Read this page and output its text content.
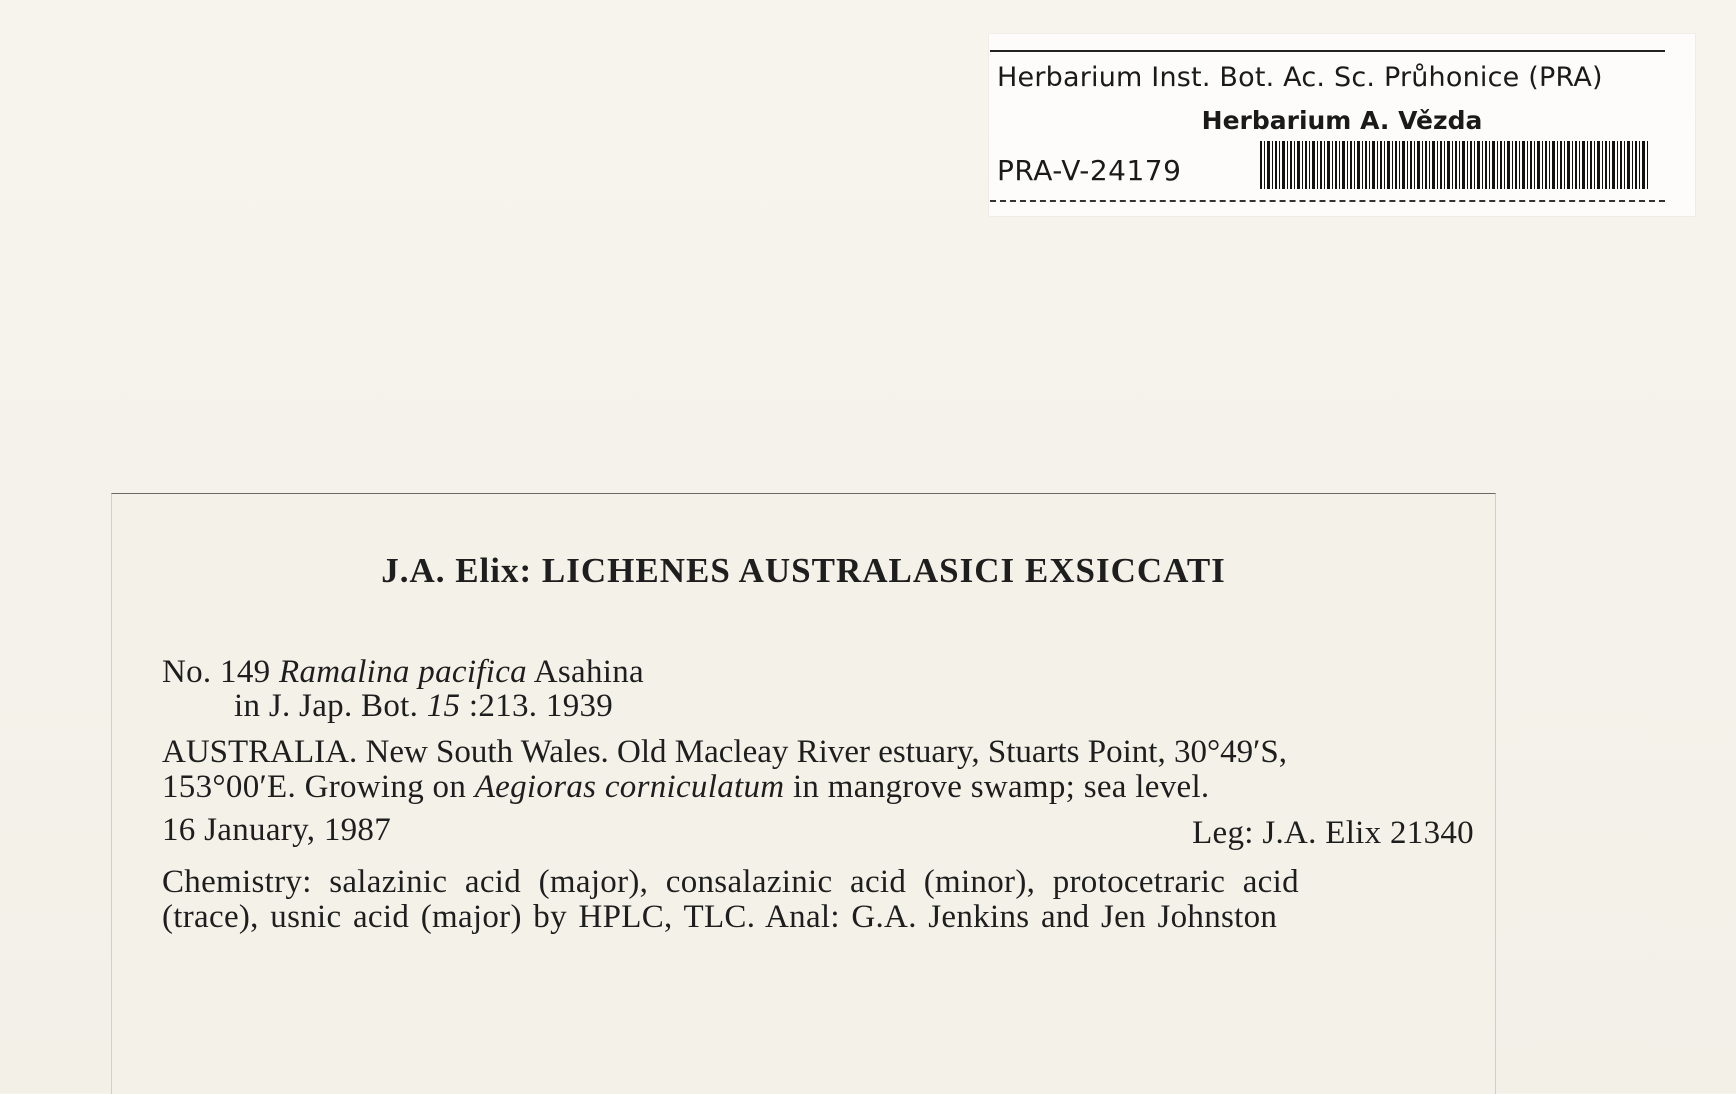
Herbarium Inst. Bot. Ac. Sc. Průhonice (PRA)
Herbarium A. Vězda
PRA-V-24179
J.A. Elix: LICHENES AUSTRALASICI EXSICCATI
No. 149 Ramalina pacifica Asahina
in J. Jap. Bot. 15 :213. 1939
AUSTRALIA. New South Wales. Old Macleay River estuary, Stuarts Point, 30°49′S,
153°00′E. Growing on Aegioras corniculatum in mangrove swamp; sea level.
16 January, 1987	Leg: J.A. Elix 21340
Chemistry: salazinic acid (major), consalazinic acid (minor), protocetraric acid
(trace), usnic acid (major) by HPLC, TLC. Anal: G.A. Jenkins and Jen Johnston
